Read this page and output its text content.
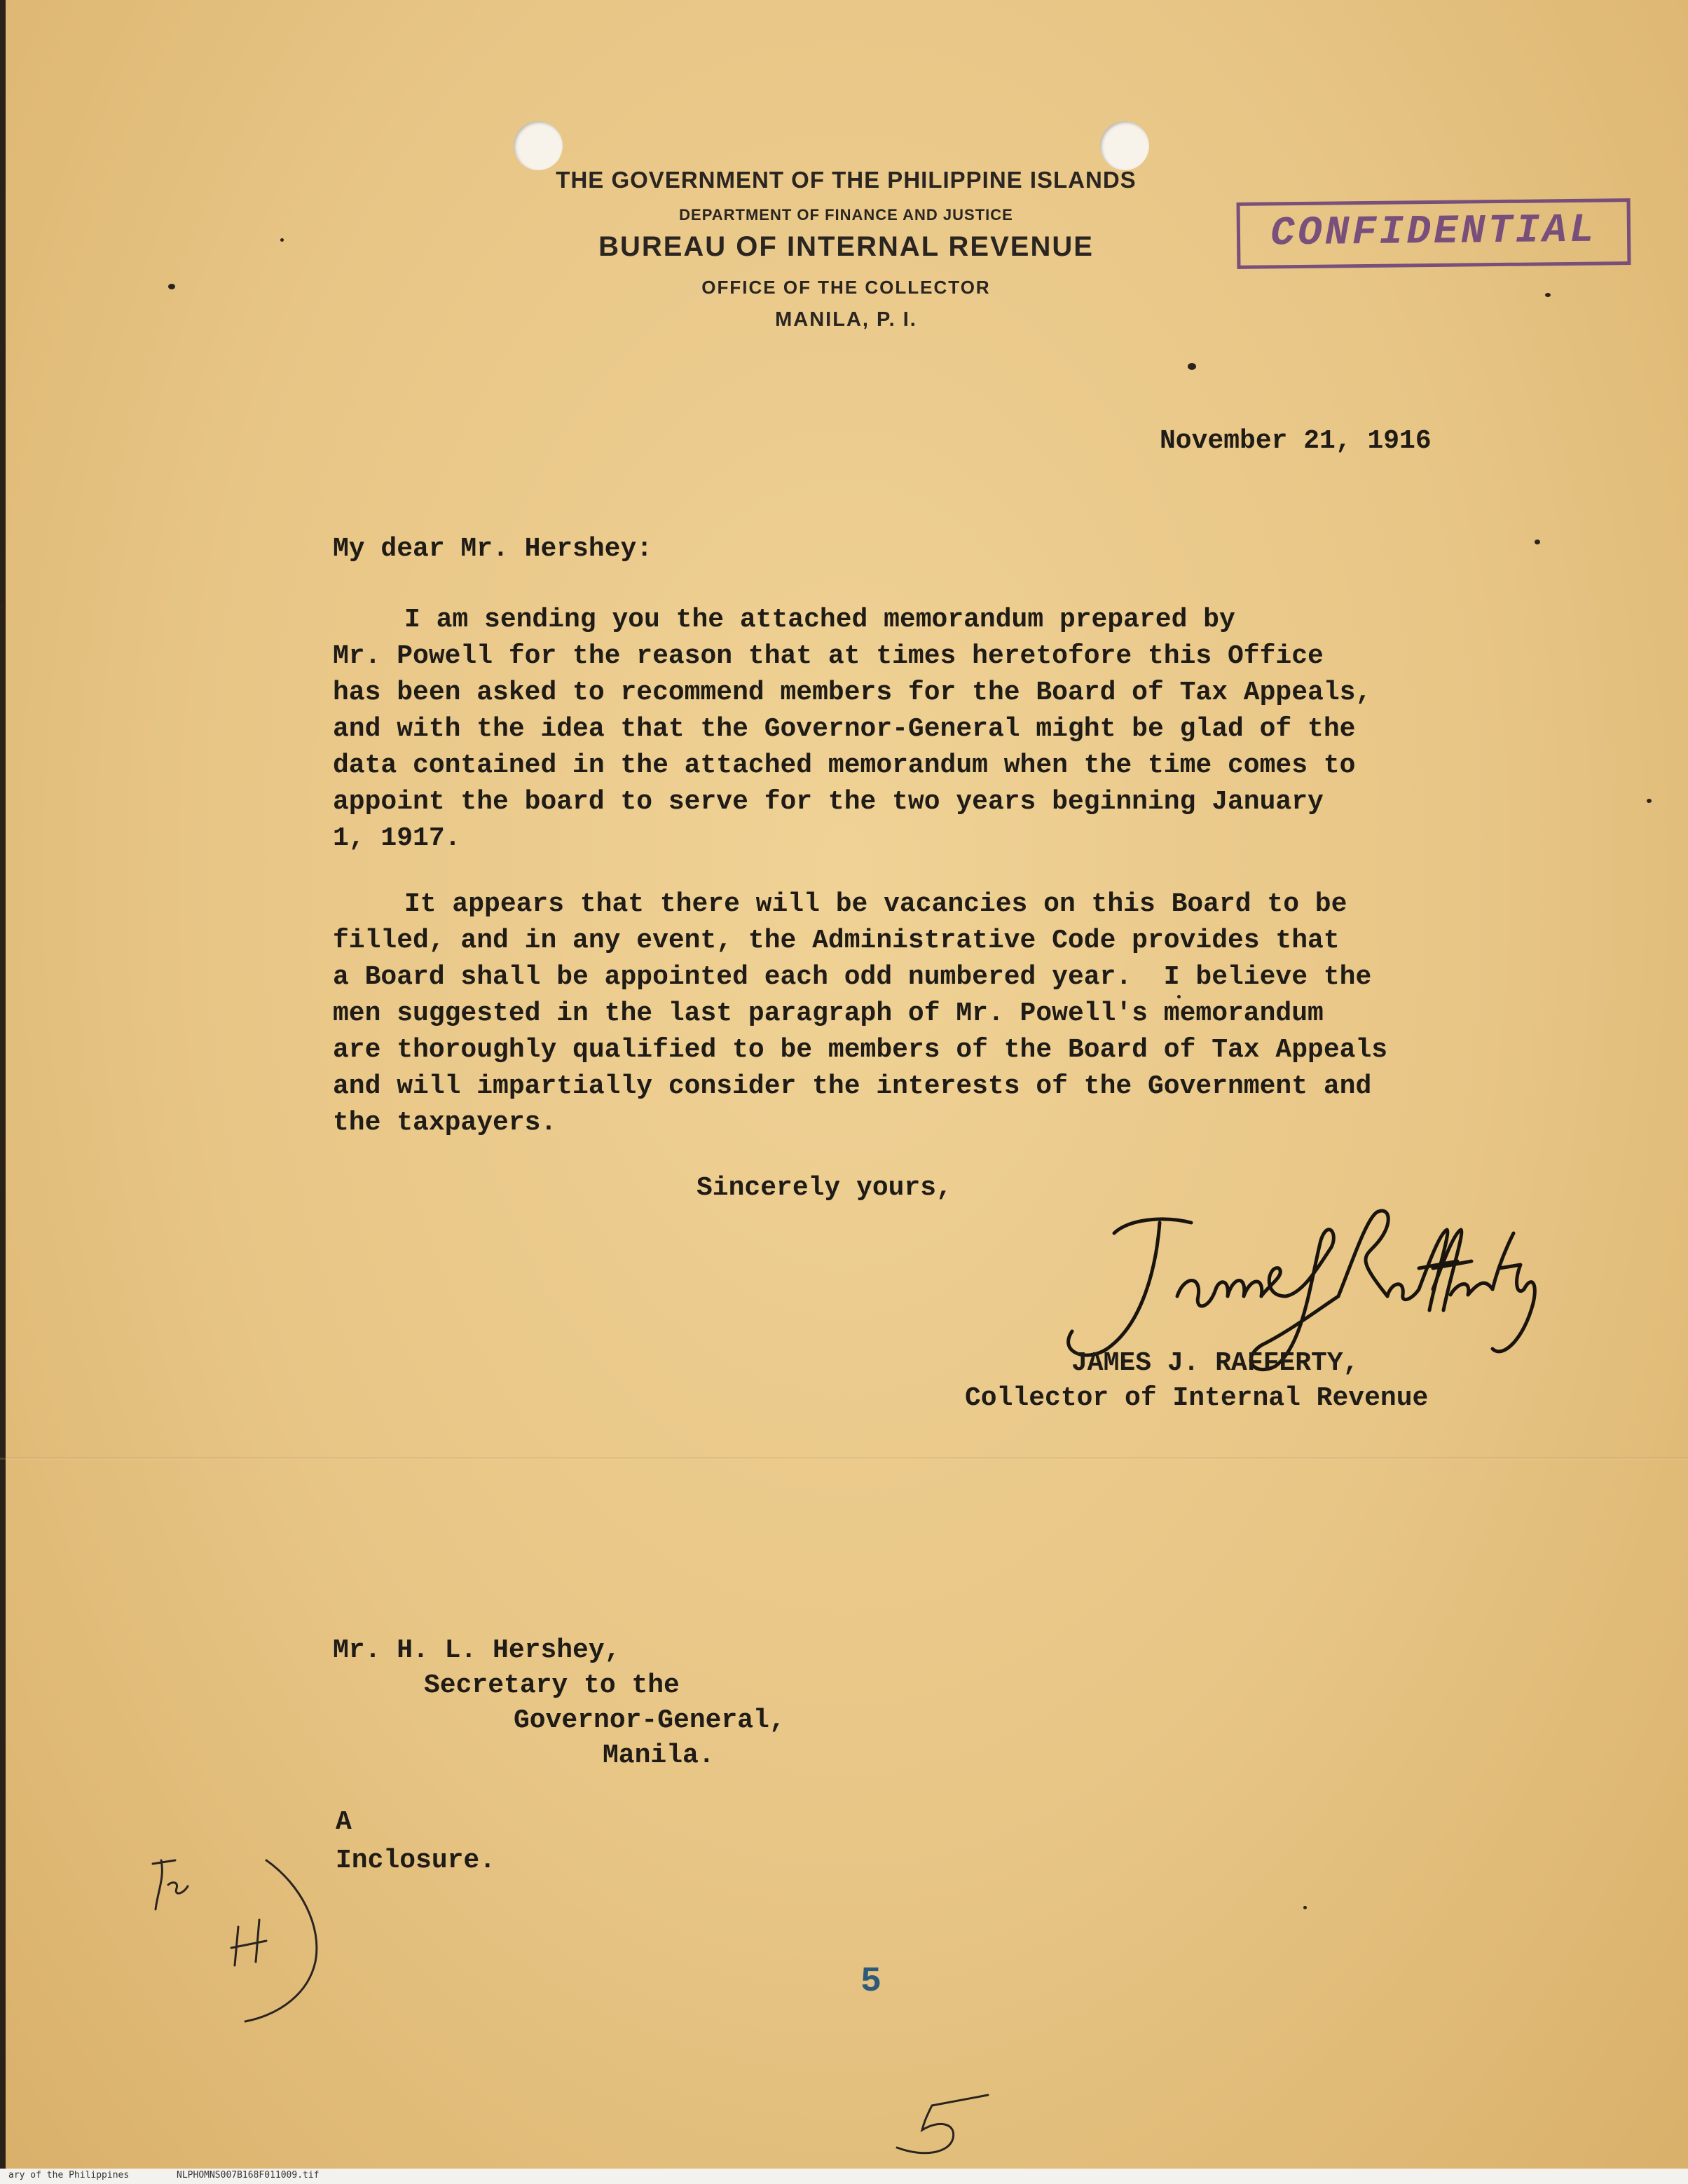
THE GOVERNMENT OF THE PHILIPPINE ISLANDS
DEPARTMENT OF FINANCE AND JUSTICE
BUREAU OF INTERNAL REVENUE
OFFICE OF THE COLLECTOR
MANILA, P. I.
CONFIDENTIAL
November 21, 1916
My dear Mr. Hershey:
I am sending you the attached memorandum prepared by
Mr. Powell for the reason that at times heretofore this Office
has been asked to recommend members for the Board of Tax Appeals,
and with the idea that the Governor-General might be glad of the
data contained in the attached memorandum when the time comes to
appoint the board to serve for the two years beginning January
1, 1917.
It appears that there will be vacancies on this Board to be
filled, and in any event, the Administrative Code provides that
a Board shall be appointed each odd numbered year.  I believe the
men suggested in the last paragraph of Mr. Powell's memorandum
are thoroughly qualified to be members of the Board of Tax Appeals
and will impartially consider the interests of the Government and
the taxpayers.
Sincerely yours,
JAMES J. RAFFERTY,
Collector of Internal Revenue
Mr. H. L. Hershey,
Secretary to the
Governor-General,
Manila.
A
Inclosure.
5
ary of the Philippines	NLPHOMNS007B168F011009.tif
